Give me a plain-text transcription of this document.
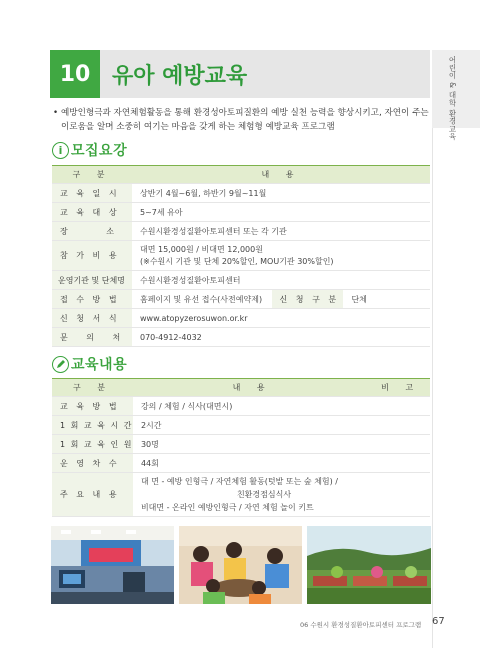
어린이 & 대학 환경교육
10 유아 예방교육
• 예방인형극과 자연체험활동을 통해 환경성아토피질환의 예방 실천 능력을 향상시키고, 자연이 주는 이로움을 알며 소중히 여기는 마음을 갖게 하는 체험형 예방교육 프로그램
i 모집요강
구 분	내 용		
교 육 일 시	상반기 4월~6월, 하반기 9월~11월		
교 육 대 상	5~7세 유아		
장 소	수원시환경성질환아토피센터 또는 각 기관		
참 가 비 용	대면 15,000원 / 비대면 12,000원
(※수원시 기관 및 단체 20%할인, MOU기관 30%할인)		

운영기관 및 단체명	수원시환경성질환아토피센터		
접 수 방 법	홈페이지 및 유선 접수(사전예약제)	신 청 구 분	단체
신 청 서 식	www.atopyzerosuwon.or.kr		
문 의 처	070-4912-4032		
교육내용
구 분	내 용	비 고
교 육 방 법	강의 / 체험 / 식사(대면시)	
1 회 교 육 시 간	2시간	
1 회 교 육 인 원	30명	
운 영 차 수	44회	
주 요 내 용	대 면 - 예방 인형극 / 자연체험 활동(텃밭 또는 숲 체험) /
친환경점심식사
비대면 - 온라인 예방인형극 / 자연 체험 놀이 키트	

06 수원시 환경성질환아토피센터 프로그램 67
